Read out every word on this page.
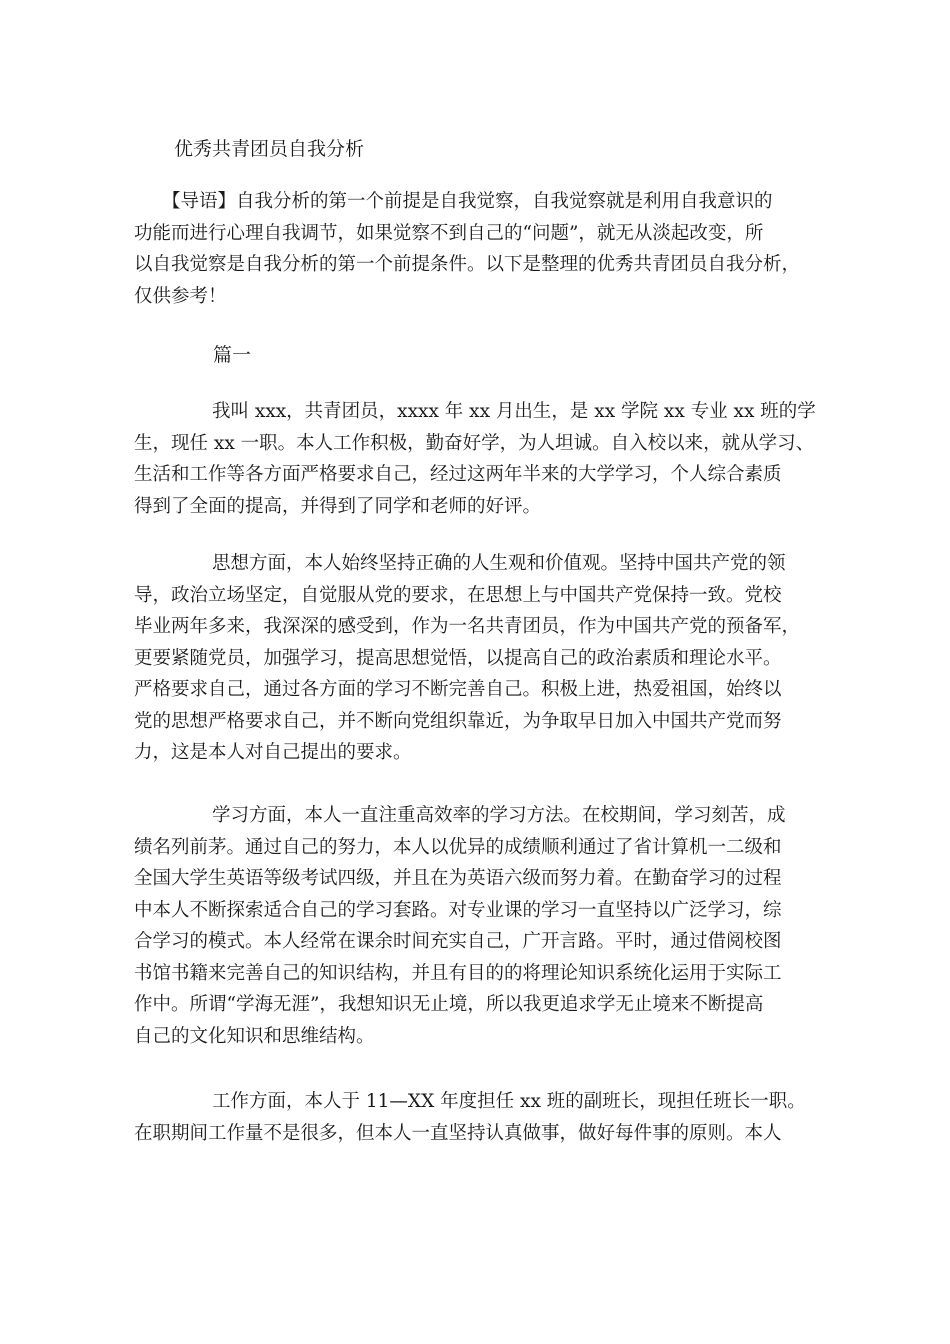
优秀共青团员自我分析
【导语】自我分析的第一个前提是自我觉察，自我觉察就是利用自我意识的
功能而进行心理自我调节，如果觉察不到自己的“问题”，就无从淡起改变，所
以自我觉察是自我分析的第一个前提条件。以下是整理的优秀共青团员自我分析，
仅供参考！
篇一
我叫 xxx，共青团员，xxxx 年 xx 月出生，是 xx 学院 xx 专业 xx 班的学
生，现任 xx 一职。本人工作积极，勤奋好学，为人坦诚。自入校以来，就从学习、
生活和工作等各方面严格要求自己，经过这两年半来的大学学习，个人综合素质
得到了全面的提高，并得到了同学和老师的好评。
思想方面，本人始终坚持正确的人生观和价值观。坚持中国共产党的领
导，政治立场坚定，自觉服从党的要求，在思想上与中国共产党保持一致。党校
毕业两年多来，我深深的感受到，作为一名共青团员，作为中国共产党的预备军，
更要紧随党员，加强学习，提高思想觉悟，以提高自己的政治素质和理论水平。
严格要求自己，通过各方面的学习不断完善自己。积极上进，热爱祖国，始终以
党的思想严格要求自己，并不断向党组织靠近，为争取早日加入中国共产党而努
力，这是本人对自己提出的要求。
学习方面，本人一直注重高效率的学习方法。在校期间，学习刻苦，成
绩名列前茅。通过自己的努力，本人以优异的成绩顺利通过了省计算机一二级和
全国大学生英语等级考试四级，并且在为英语六级而努力着。在勤奋学习的过程
中本人不断探索适合自己的学习套路。对专业课的学习一直坚持以广泛学习，综
合学习的模式。本人经常在课余时间充实自己，广开言路。平时，通过借阅校图
书馆书籍来完善自己的知识结构，并且有目的的将理论知识系统化运用于实际工
作中。所谓“学海无涯”，我想知识无止境，所以我更追求学无止境来不断提高
自己的文化知识和思维结构。
工作方面，本人于 11—XX 年度担任 xx 班的副班长，现担任班长一职。
在职期间工作量不是很多，但本人一直坚持认真做事，做好每件事的原则。本人
